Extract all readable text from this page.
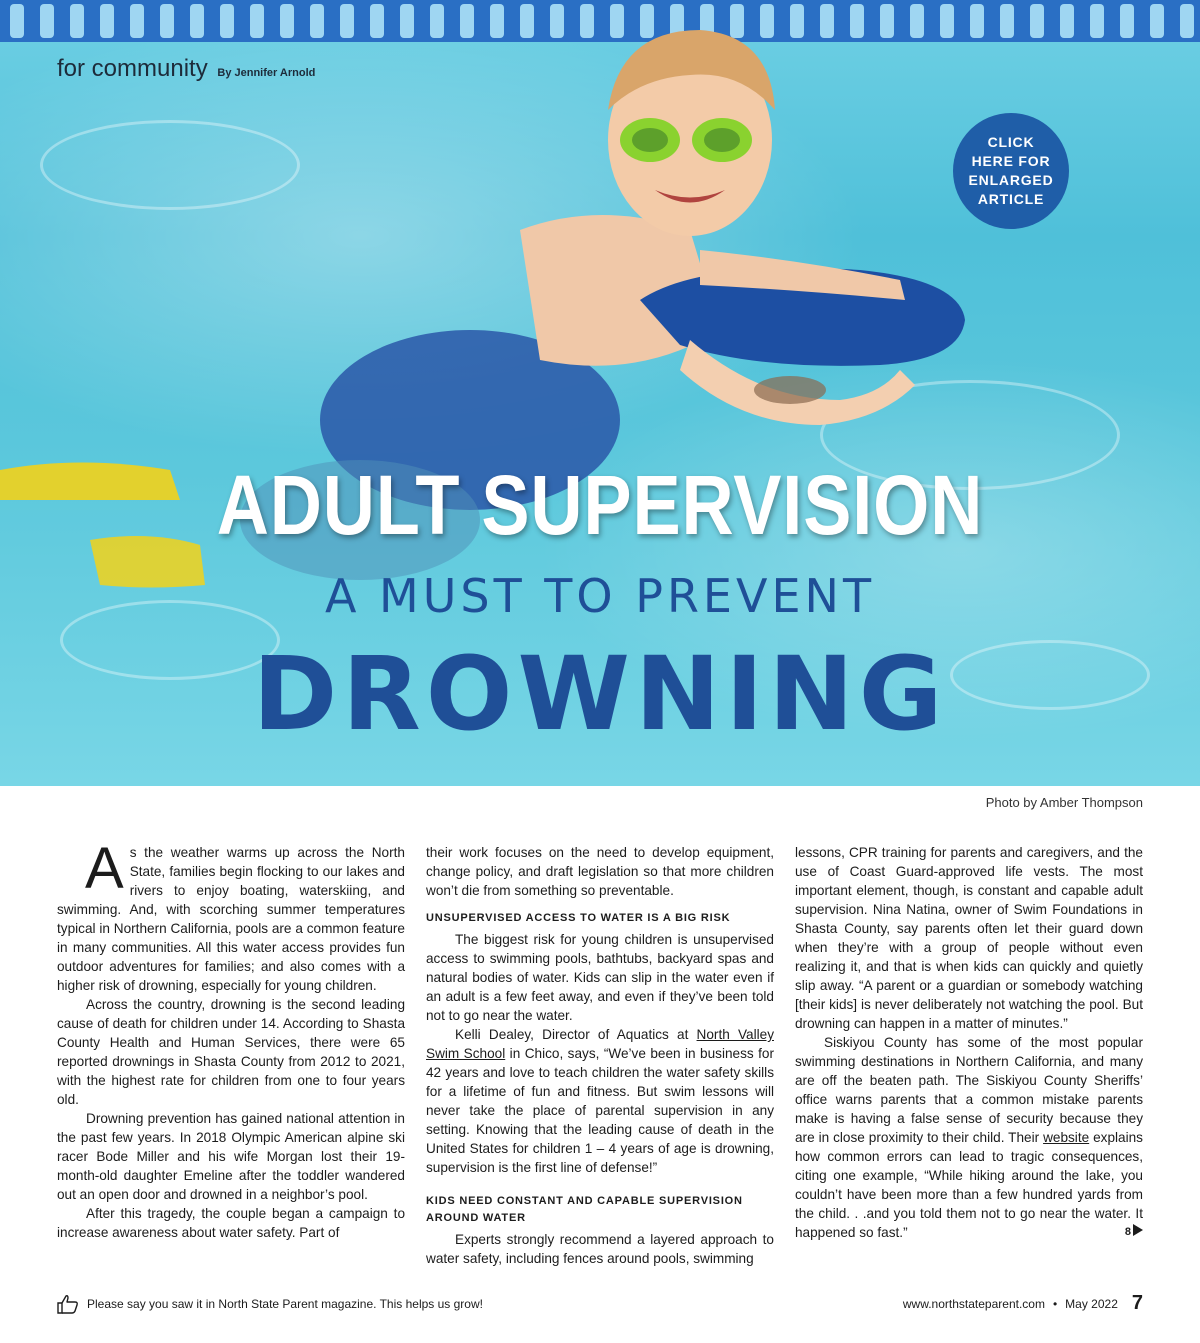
for community By Jennifer Arnold
CLICK
HERE FOR
ENLARGED
ARTICLE
ADULT SUPERVISION
A MUST TO PREVENT
DROWNING
Photo by Amber Thompson

As the weather warms up across the North State, families begin flocking to our lakes and rivers to enjoy boating, waterskiing, and swimming. And, with scorching summer temperatures typical in Northern California, pools are a common feature in many communities. All this water access provides fun outdoor adventures for families; and also comes with a higher risk of drowning, especially for young children.

Across the country, drowning is the second leading cause of death for children under 14. According to Shasta County Health and Human Services, there were 65 reported drownings in Shasta County from 2012 to 2021, with the highest rate for children from one to four years old.

Drowning prevention has gained national attention in the past few years. In 2018 Olympic American alpine ski racer Bode Miller and his wife Morgan lost their 19-month-old daughter Emeline after the toddler wandered out an open door and drowned in a neighbor’s pool.

After this tragedy, the couple began a campaign to increase awareness about water safety. Part of

their work focuses on the need to develop equipment, change policy, and draft legislation so that more children won’t die from something so preventable.

UNSUPERVISED ACCESS TO WATER IS A BIG RISK

The biggest risk for young children is unsupervised access to swimming pools, bathtubs, backyard spas and natural bodies of water. Kids can slip in the water even if an adult is a few feet away, and even if they’ve been told not to go near the water.

Kelli Dealey, Director of Aquatics at North Valley Swim School in Chico, says, “We’ve been in business for 42 years and love to teach children the water safety skills for a lifetime of fun and fitness. But swim lessons will never take the place of parental supervision in any setting. Knowing that the leading cause of death in the United States for children 1 – 4 years of age is drowning, supervision is the first line of defense!”

KIDS NEED CONSTANT AND CAPABLE SUPERVISION AROUND WATER

Experts strongly recommend a layered approach to water safety, including fences around pools, swimming

lessons, CPR training for parents and caregivers, and the use of Coast Guard-approved life vests. The most important element, though, is constant and capable adult supervision. Nina Natina, owner of Swim Foundations in Shasta County, say parents often let their guard down when they’re with a group of people without even realizing it, and that is when kids can quickly and quietly slip away. “A parent or a guardian or somebody watching [their kids] is never deliberately not watching the pool. But drowning can happen in a matter of minutes.”

Siskiyou County has some of the most popular swimming destinations in Northern California, and many are off the beaten path. The Siskiyou County Sheriffs’ office warns parents that a common mistake parents make is having a false sense of security because they are in close proximity to their child. Their website explains how common errors can lead to tragic consequences, citing one example, “While hiking around the lake, you couldn’t have been more than a few hundred yards from the child. . .and you told them not to go near the water. It happened so fast.”	8
Please say you saw it in North State Parent magazine. This helps us grow!	www.northstateparent.com • May 2022 7
